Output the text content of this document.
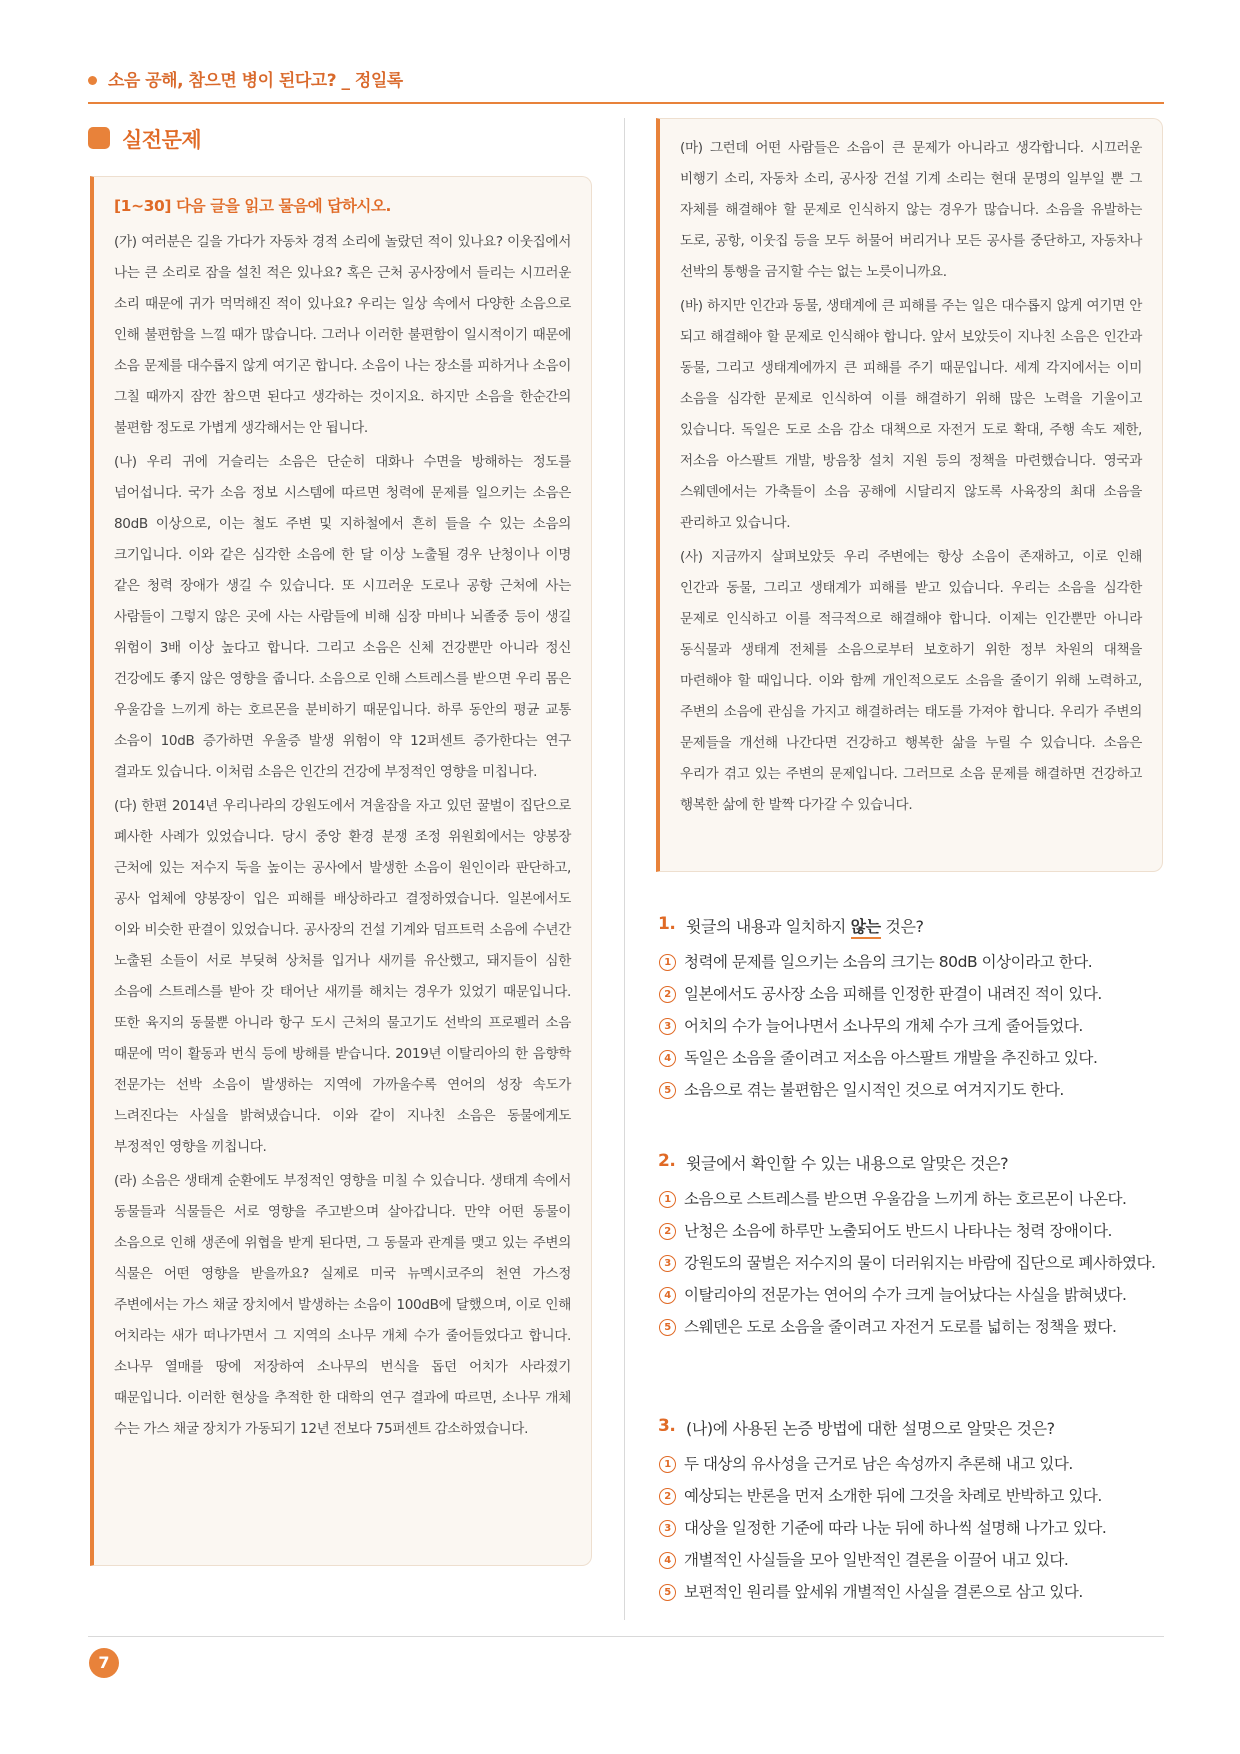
소음 공해, 참으면 병이 된다고? _ 정일록
실전문제

[1~30] 다음 글을 읽고 물음에 답하시오.

(가) 여러분은 길을 가다가 자동차 경적 소리에 놀랐던 적이 있나요? 이웃집에서 나는 큰 소리로 잠을 설친 적은 있나요? 혹은 근처 공사장에서 들리는 시끄러운 소리 때문에 귀가 먹먹해진 적이 있나요? 우리는 일상 속에서 다양한 소음으로 인해 불편함을 느낄 때가 많습니다. 그러나 이러한 불편함이 일시적이기 때문에 소음 문제를 대수롭지 않게 여기곤 합니다. 소음이 나는 장소를 피하거나 소음이 그칠 때까지 잠깐 참으면 된다고 생각하는 것이지요. 하지만 소음을 한순간의 불편함 정도로 가볍게 생각해서는 안 됩니다.

(나) 우리 귀에 거슬리는 소음은 단순히 대화나 수면을 방해하는 정도를 넘어섭니다. 국가 소음 정보 시스템에 따르면 청력에 문제를 일으키는 소음은 80dB 이상으로, 이는 철도 주변 및 지하철에서 흔히 들을 수 있는 소음의 크기입니다. 이와 같은 심각한 소음에 한 달 이상 노출될 경우 난청이나 이명 같은 청력 장애가 생길 수 있습니다. 또 시끄러운 도로나 공항 근처에 사는 사람들이 그렇지 않은 곳에 사는 사람들에 비해 심장 마비나 뇌졸중 등이 생길 위험이 3배 이상 높다고 합니다. 그리고 소음은 신체 건강뿐만 아니라 정신 건강에도 좋지 않은 영향을 줍니다. 소음으로 인해 스트레스를 받으면 우리 몸은 우울감을 느끼게 하는 호르몬을 분비하기 때문입니다. 하루 동안의 평균 교통 소음이 10dB 증가하면 우울증 발생 위험이 약 12퍼센트 증가한다는 연구 결과도 있습니다. 이처럼 소음은 인간의 건강에 부정적인 영향을 미칩니다.

(다) 한편 2014년 우리나라의 강원도에서 겨울잠을 자고 있던 꿀벌이 집단으로 폐사한 사례가 있었습니다. 당시 중앙 환경 분쟁 조정 위원회에서는 양봉장 근처에 있는 저수지 둑을 높이는 공사에서 발생한 소음이 원인이라 판단하고, 공사 업체에 양봉장이 입은 피해를 배상하라고 결정하였습니다. 일본에서도 이와 비슷한 판결이 있었습니다. 공사장의 건설 기계와 덤프트럭 소음에 수년간 노출된 소들이 서로 부딪혀 상처를 입거나 새끼를 유산했고, 돼지들이 심한 소음에 스트레스를 받아 갓 태어난 새끼를 해치는 경우가 있었기 때문입니다. 또한 육지의 동물뿐 아니라 항구 도시 근처의 물고기도 선박의 프로펠러 소음 때문에 먹이 활동과 번식 등에 방해를 받습니다. 2019년 이탈리아의 한 음향학 전문가는 선박 소음이 발생하는 지역에 가까울수록 연어의 성장 속도가 느려진다는 사실을 밝혀냈습니다. 이와 같이 지나친 소음은 동물에게도 부정적인 영향을 끼칩니다.

(라) 소음은 생태계 순환에도 부정적인 영향을 미칠 수 있습니다. 생태계 속에서 동물들과 식물들은 서로 영향을 주고받으며 살아갑니다. 만약 어떤 동물이 소음으로 인해 생존에 위협을 받게 된다면, 그 동물과 관계를 맺고 있는 주변의 식물은 어떤 영향을 받을까요? 실제로 미국 뉴멕시코주의 천연 가스정 주변에서는 가스 채굴 장치에서 발생하는 소음이 100dB에 달했으며, 이로 인해 어치라는 새가 떠나가면서 그 지역의 소나무 개체 수가 줄어들었다고 합니다. 소나무 열매를 땅에 저장하여 소나무의 번식을 돕던 어치가 사라졌기 때문입니다. 이러한 현상을 추적한 한 대학의 연구 결과에 따르면, 소나무 개체 수는 가스 채굴 장치가 가동되기 12년 전보다 75퍼센트 감소하였습니다.

(마) 그런데 어떤 사람들은 소음이 큰 문제가 아니라고 생각합니다. 시끄러운 비행기 소리, 자동차 소리, 공사장 건설 기계 소리는 현대 문명의 일부일 뿐 그 자체를 해결해야 할 문제로 인식하지 않는 경우가 많습니다. 소음을 유발하는 도로, 공항, 이웃집 등을 모두 허물어 버리거나 모든 공사를 중단하고, 자동차나 선박의 통행을 금지할 수는 없는 노릇이니까요.

(바) 하지만 인간과 동물, 생태계에 큰 피해를 주는 일은 대수롭지 않게 여기면 안 되고 해결해야 할 문제로 인식해야 합니다. 앞서 보았듯이 지나친 소음은 인간과 동물, 그리고 생태계에까지 큰 피해를 주기 때문입니다. 세계 각지에서는 이미 소음을 심각한 문제로 인식하여 이를 해결하기 위해 많은 노력을 기울이고 있습니다. 독일은 도로 소음 감소 대책으로 자전거 도로 확대, 주행 속도 제한, 저소음 아스팔트 개발, 방음창 설치 지원 등의 정책을 마련했습니다. 영국과 스웨덴에서는 가축들이 소음 공해에 시달리지 않도록 사육장의 최대 소음을 관리하고 있습니다.

(사) 지금까지 살펴보았듯 우리 주변에는 항상 소음이 존재하고, 이로 인해 인간과 동물, 그리고 생태계가 피해를 받고 있습니다. 우리는 소음을 심각한 문제로 인식하고 이를 적극적으로 해결해야 합니다. 이제는 인간뿐만 아니라 동식물과 생태계 전체를 소음으로부터 보호하기 위한 정부 차원의 대책을 마련해야 할 때입니다. 이와 함께 개인적으로도 소음을 줄이기 위해 노력하고, 주변의 소음에 관심을 가지고 해결하려는 태도를 가져야 합니다. 우리가 주변의 문제들을 개선해 나간다면 건강하고 행복한 삶을 누릴 수 있습니다. 소음은 우리가 겪고 있는 주변의 문제입니다. 그러므로 소음 문제를 해결하면 건강하고 행복한 삶에 한 발짝 다가갈 수 있습니다.

1. 윗글의 내용과 일치하지 않는 것은?
1 청력에 문제를 일으키는 소음의 크기는 80dB 이상이라고 한다.
2 일본에서도 공사장 소음 피해를 인정한 판결이 내려진 적이 있다.
3 어치의 수가 늘어나면서 소나무의 개체 수가 크게 줄어들었다.
4 독일은 소음을 줄이려고 저소음 아스팔트 개발을 추진하고 있다.
5 소음으로 겪는 불편함은 일시적인 것으로 여겨지기도 한다.
2. 윗글에서 확인할 수 있는 내용으로 알맞은 것은?
1 소음으로 스트레스를 받으면 우울감을 느끼게 하는 호르몬이 나온다.
2 난청은 소음에 하루만 노출되어도 반드시 나타나는 청력 장애이다.
3 강원도의 꿀벌은 저수지의 물이 더러워지는 바람에 집단으로 폐사하였다.
4 이탈리아의 전문가는 연어의 수가 크게 늘어났다는 사실을 밝혀냈다.
5 스웨덴은 도로 소음을 줄이려고 자전거 도로를 넓히는 정책을 폈다.
3. (나)에 사용된 논증 방법에 대한 설명으로 알맞은 것은?
1 두 대상의 유사성을 근거로 남은 속성까지 추론해 내고 있다.
2 예상되는 반론을 먼저 소개한 뒤에 그것을 차례로 반박하고 있다.
3 대상을 일정한 기준에 따라 나눈 뒤에 하나씩 설명해 나가고 있다.
4 개별적인 사실들을 모아 일반적인 결론을 이끌어 내고 있다.
5 보편적인 원리를 앞세워 개별적인 사실을 결론으로 삼고 있다.
7
